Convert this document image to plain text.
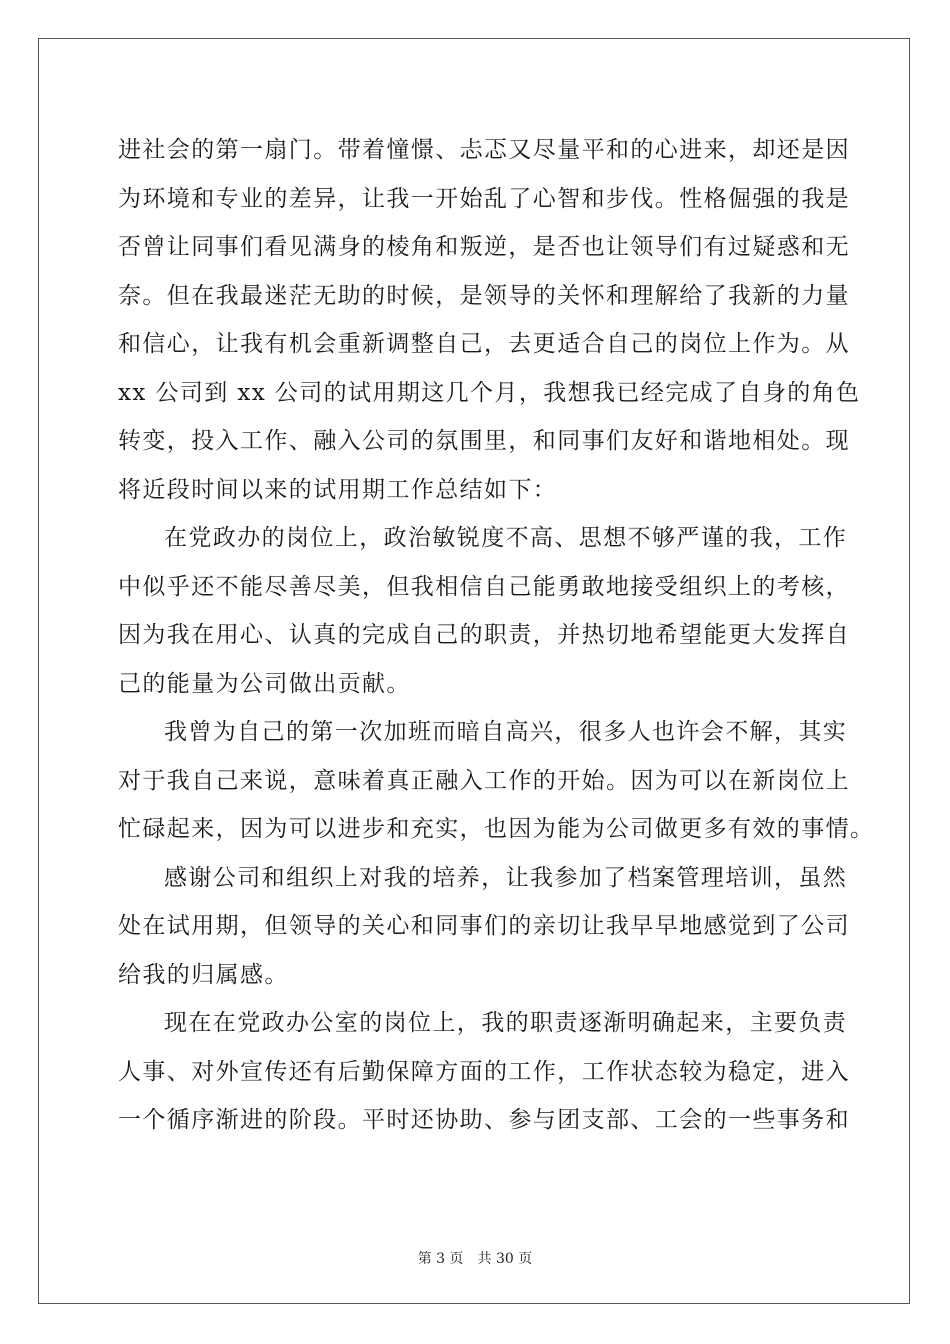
进社会的第一扇门。带着憧憬、忐忑又尽量平和的心进来，却还是因
为环境和专业的差异，让我一开始乱了心智和步伐。性格倔强的我是
否曾让同事们看见满身的棱角和叛逆，是否也让领导们有过疑惑和无
奈。但在我最迷茫无助的时候，是领导的关怀和理解给了我新的力量
和信心，让我有机会重新调整自己，去更适合自己的岗位上作为。从
xx 公司到 xx 公司的试用期这几个月，我想我已经完成了自身的角色
转变，投入工作、融入公司的氛围里，和同事们友好和谐地相处。现
将近段时间以来的试用期工作总结如下：
在党政办的岗位上，政治敏锐度不高、思想不够严谨的我，工作
中似乎还不能尽善尽美，但我相信自己能勇敢地接受组织上的考核，
因为我在用心、认真的完成自己的职责，并热切地希望能更大发挥自
己的能量为公司做出贡献。
我曾为自己的第一次加班而暗自高兴，很多人也许会不解，其实
对于我自己来说，意味着真正融入工作的开始。因为可以在新岗位上
忙碌起来，因为可以进步和充实，也因为能为公司做更多有效的事情。
感谢公司和组织上对我的培养，让我参加了档案管理培训，虽然
处在试用期，但领导的关心和同事们的亲切让我早早地感觉到了公司
给我的归属感。
现在在党政办公室的岗位上，我的职责逐渐明确起来，主要负责
人事、对外宣传还有后勤保障方面的工作，工作状态较为稳定，进入
一个循序渐进的阶段。平时还协助、参与团支部、工会的一些事务和
第 3 页 共 30 页
